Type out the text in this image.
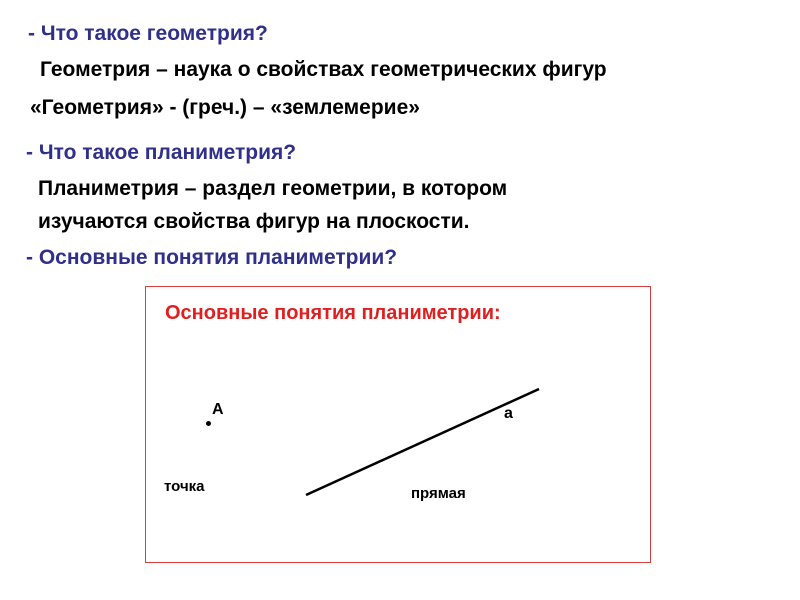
- Что такое геометрия?
Геометрия – наука о свойствах геометрических фигур
«Геометрия» - (греч.) – «землемерие»
- Что такое планиметрия?
Планиметрия – раздел геометрии, в котором
изучаются свойства фигур на плоскости.
- Основные понятия планиметрии?
Основные понятия планиметрии:
А
точка
а
прямая
